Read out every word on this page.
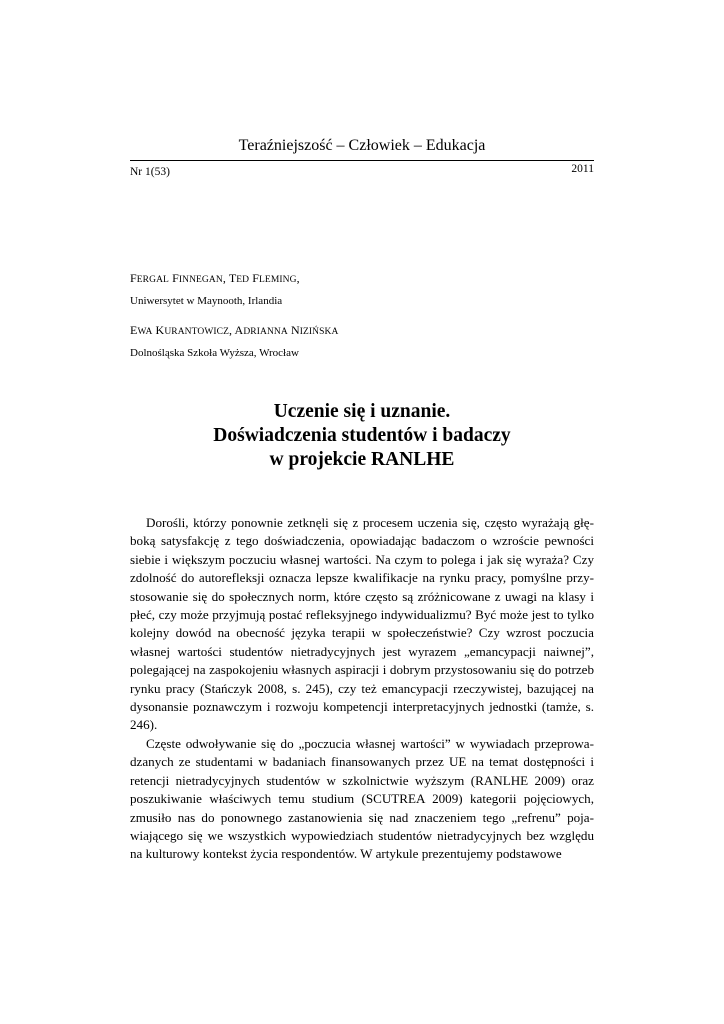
Teraźniejszość – Człowiek – Edukacja
Nr 1(53)	2011
FERGAL FINNEGAN, TED FLEMING,
Uniwersytet w Maynooth, Irlandia
EWA KURANTOWICZ, ADRIANNA NIZIŃSKA
Dolnośląska Szkoła Wyższa, Wrocław
Uczenie się i uznanie.
Doświadczenia studentów i badaczy
w projekcie RANLHE

Dorośli, którzy ponownie zetknęli się z procesem uczenia się, często wyrażają głęboką satysfakcję z tego doświadczenia, opowiadając badaczom o wzroście pewności siebie i większym poczuciu własnej wartości. Na czym to polega i jak się wyraża? Czy zdolność do autorefleksji oznacza lepsze kwalifikacje na rynku pracy, pomyślne przystosowanie się do społecznych norm, które często są zróżnicowane z uwagi na klasy i płeć, czy może przyjmują postać refleksyjnego indywidualizmu? Być może jest to tylko kolejny dowód na obecność języka terapii w społeczeństwie? Czy wzrost poczucia własnej wartości studentów nietradycyjnych jest wyrazem „emancypacji naiwnej”, polegającej na zaspokojeniu własnych aspiracji i dobrym przystosowaniu się do potrzeb rynku pracy (Stańczyk 2008, s. 245), czy też emancypacji rzeczywistej, bazującej na dysonansie poznawczym i rozwoju kompetencji interpretacyjnych jednostki (tamże, s. 246).

Częste odwoływanie się do „poczucia własnej wartości” w wywiadach przeprowadzanych ze studentami w badaniach finansowanych przez UE na temat dostępności i retencji nietradycyjnych studentów w szkolnictwie wyższym (RANLHE 2009) oraz poszukiwanie właściwych temu studium (SCUTREA 2009) kategorii pojęciowych, zmusiło nas do ponownego zastanowienia się nad znaczeniem tego „refrenu” pojawiającego się we wszystkich wypowiedziach studentów nietradycyjnych bez względu na kulturowy kontekst życia respondentów. W artykule prezentujemy podstawowe
